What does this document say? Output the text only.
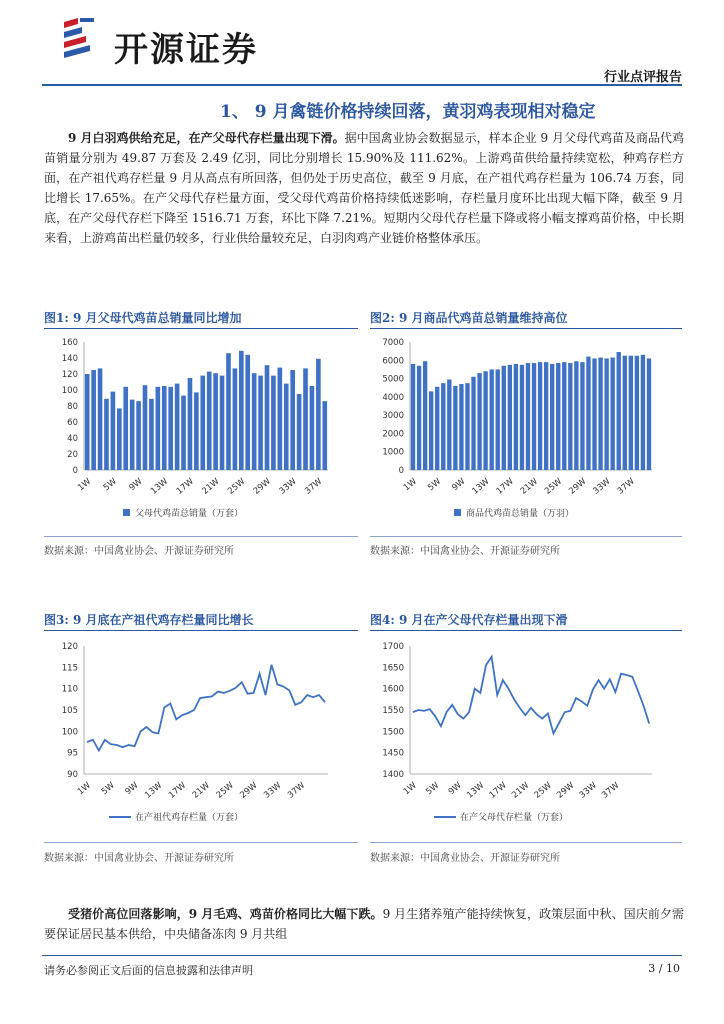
开源证券
行业点评报告
1、 9 月禽链价格持续回落，黄羽鸡表现相对稳定
9 月白羽鸡供给充足，在产父母代存栏量出现下滑。据中国禽业协会数据显示，样本企业 9 月父母代鸡苗及商品代鸡苗销量分别为 49.87 万套及 2.49 亿羽，同比分别增长 15.90%及 111.62%。上游鸡苗供给量持续宽松，种鸡存栏方面，在产祖代鸡存栏量 9 月从高点有所回落，但仍处于历史高位，截至 9 月底，在产祖代鸡存栏量为 106.74 万套，同比增长 17.65%。在产父母代存栏量方面，受父母代鸡苗价格持续低迷影响，存栏量月度环比出现大幅下降，截至 9 月底，在产父母代存栏下降至 1516.71 万套，环比下降 7.21%。短期内父母代存栏量下降或将小幅支撑鸡苗价格，中长期来看，上游鸡苗出栏量仍较多，行业供给量较充足，白羽肉鸡产业链价格整体承压。
图1: 9 月父母代鸡苗总销量同比增加
0
20
40
60
80
100
120
140
160
1W 5W 9W 13W 17W 21W 25W 29W 33W 37W
父母代鸡苗总销量（万套）
数据来源：中国禽业协会、开源证券研究所
图2: 9 月商品代鸡苗总销量维持高位
0
1000
2000
3000
4000
5000
6000
7000
1W 5W 9W 13W 17W 21W 25W 29W 33W 37W
商品代鸡苗总销量（万羽）
数据来源：中国禽业协会、开源证券研究所
图3: 9 月底在产祖代鸡存栏量同比增长
90
95
100
105
110
115
120
1W 5W 9W 13W 17W 21W 25W 29W 33W 37W
在产祖代鸡存栏量（万套）
数据来源：中国禽业协会、开源证券研究所
图4: 9 月在产父母代存栏量出现下滑
1400
1450
1500
1550
1600
1650
1700
1W 5W 9W 13W 17W 21W 25W 29W 33W 37W
在产父母代存栏量（万套）
数据来源：中国禽业协会、开源证券研究所
受猪价高位回落影响，9 月毛鸡、鸡苗价格同比大幅下跌。9 月生猪养殖产能持续恢复，政策层面中秋、国庆前夕需要保证居民基本供给，中央储备冻肉 9 月共组
请务必参阅正文后面的信息披露和法律声明	3 / 10
